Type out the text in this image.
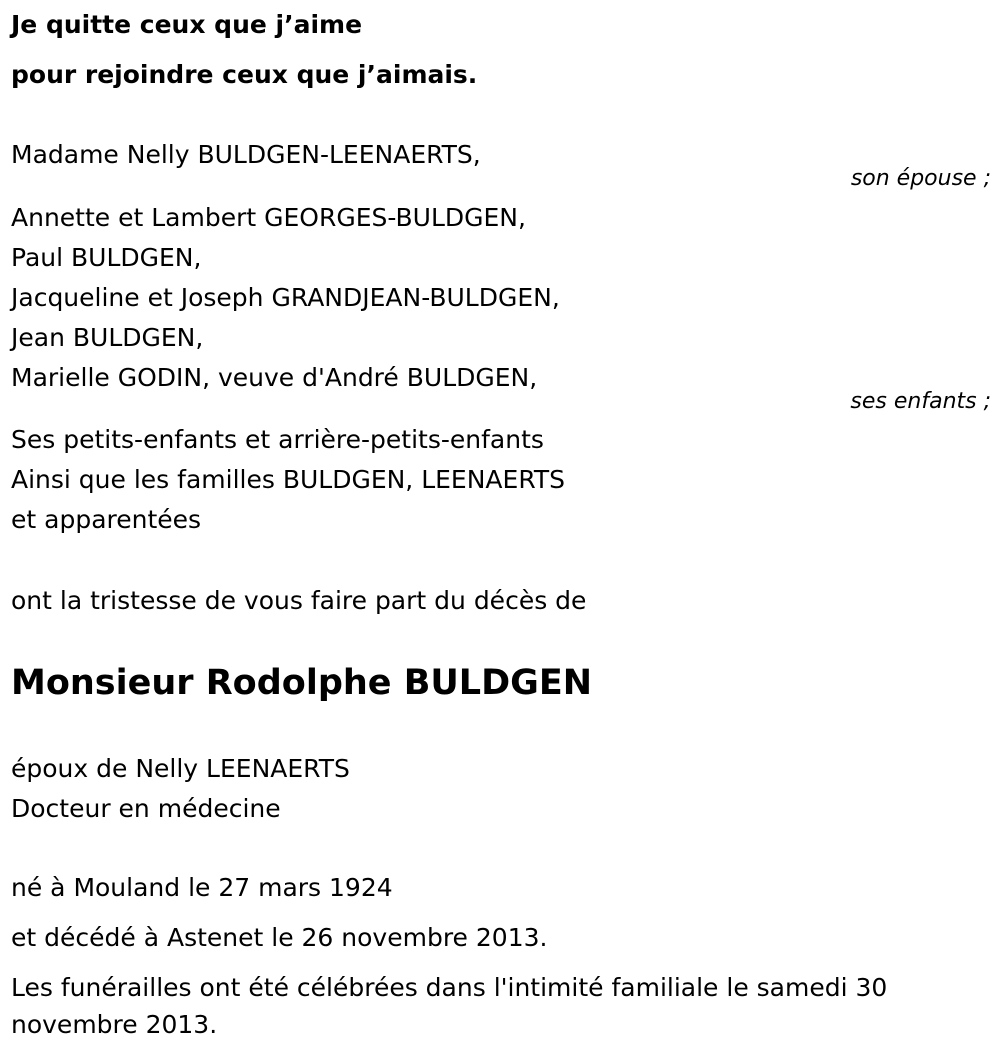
Je quitte ceux que j’aime
pour rejoindre ceux que j’aimais.
Madame Nelly BULDGEN-LEENAERTS,
son épouse ;
Annette et Lambert GEORGES-BULDGEN,
Paul BULDGEN,
Jacqueline et Joseph GRANDJEAN-BULDGEN,
Jean BULDGEN,
Marielle GODIN, veuve d'André BULDGEN,
ses enfants ;
Ses petits-enfants et arrière-petits-enfants
Ainsi que les familles BULDGEN, LEENAERTS
et apparentées
ont la tristesse de vous faire part du décès de
Monsieur Rodolphe BULDGEN
époux de Nelly LEENAERTS
Docteur en médecine
né à Mouland le 27 mars 1924
et décédé à Astenet le 26 novembre 2013.
Les funérailles ont été célébrées dans l'intimité familiale le samedi 30 novembre 2013.
